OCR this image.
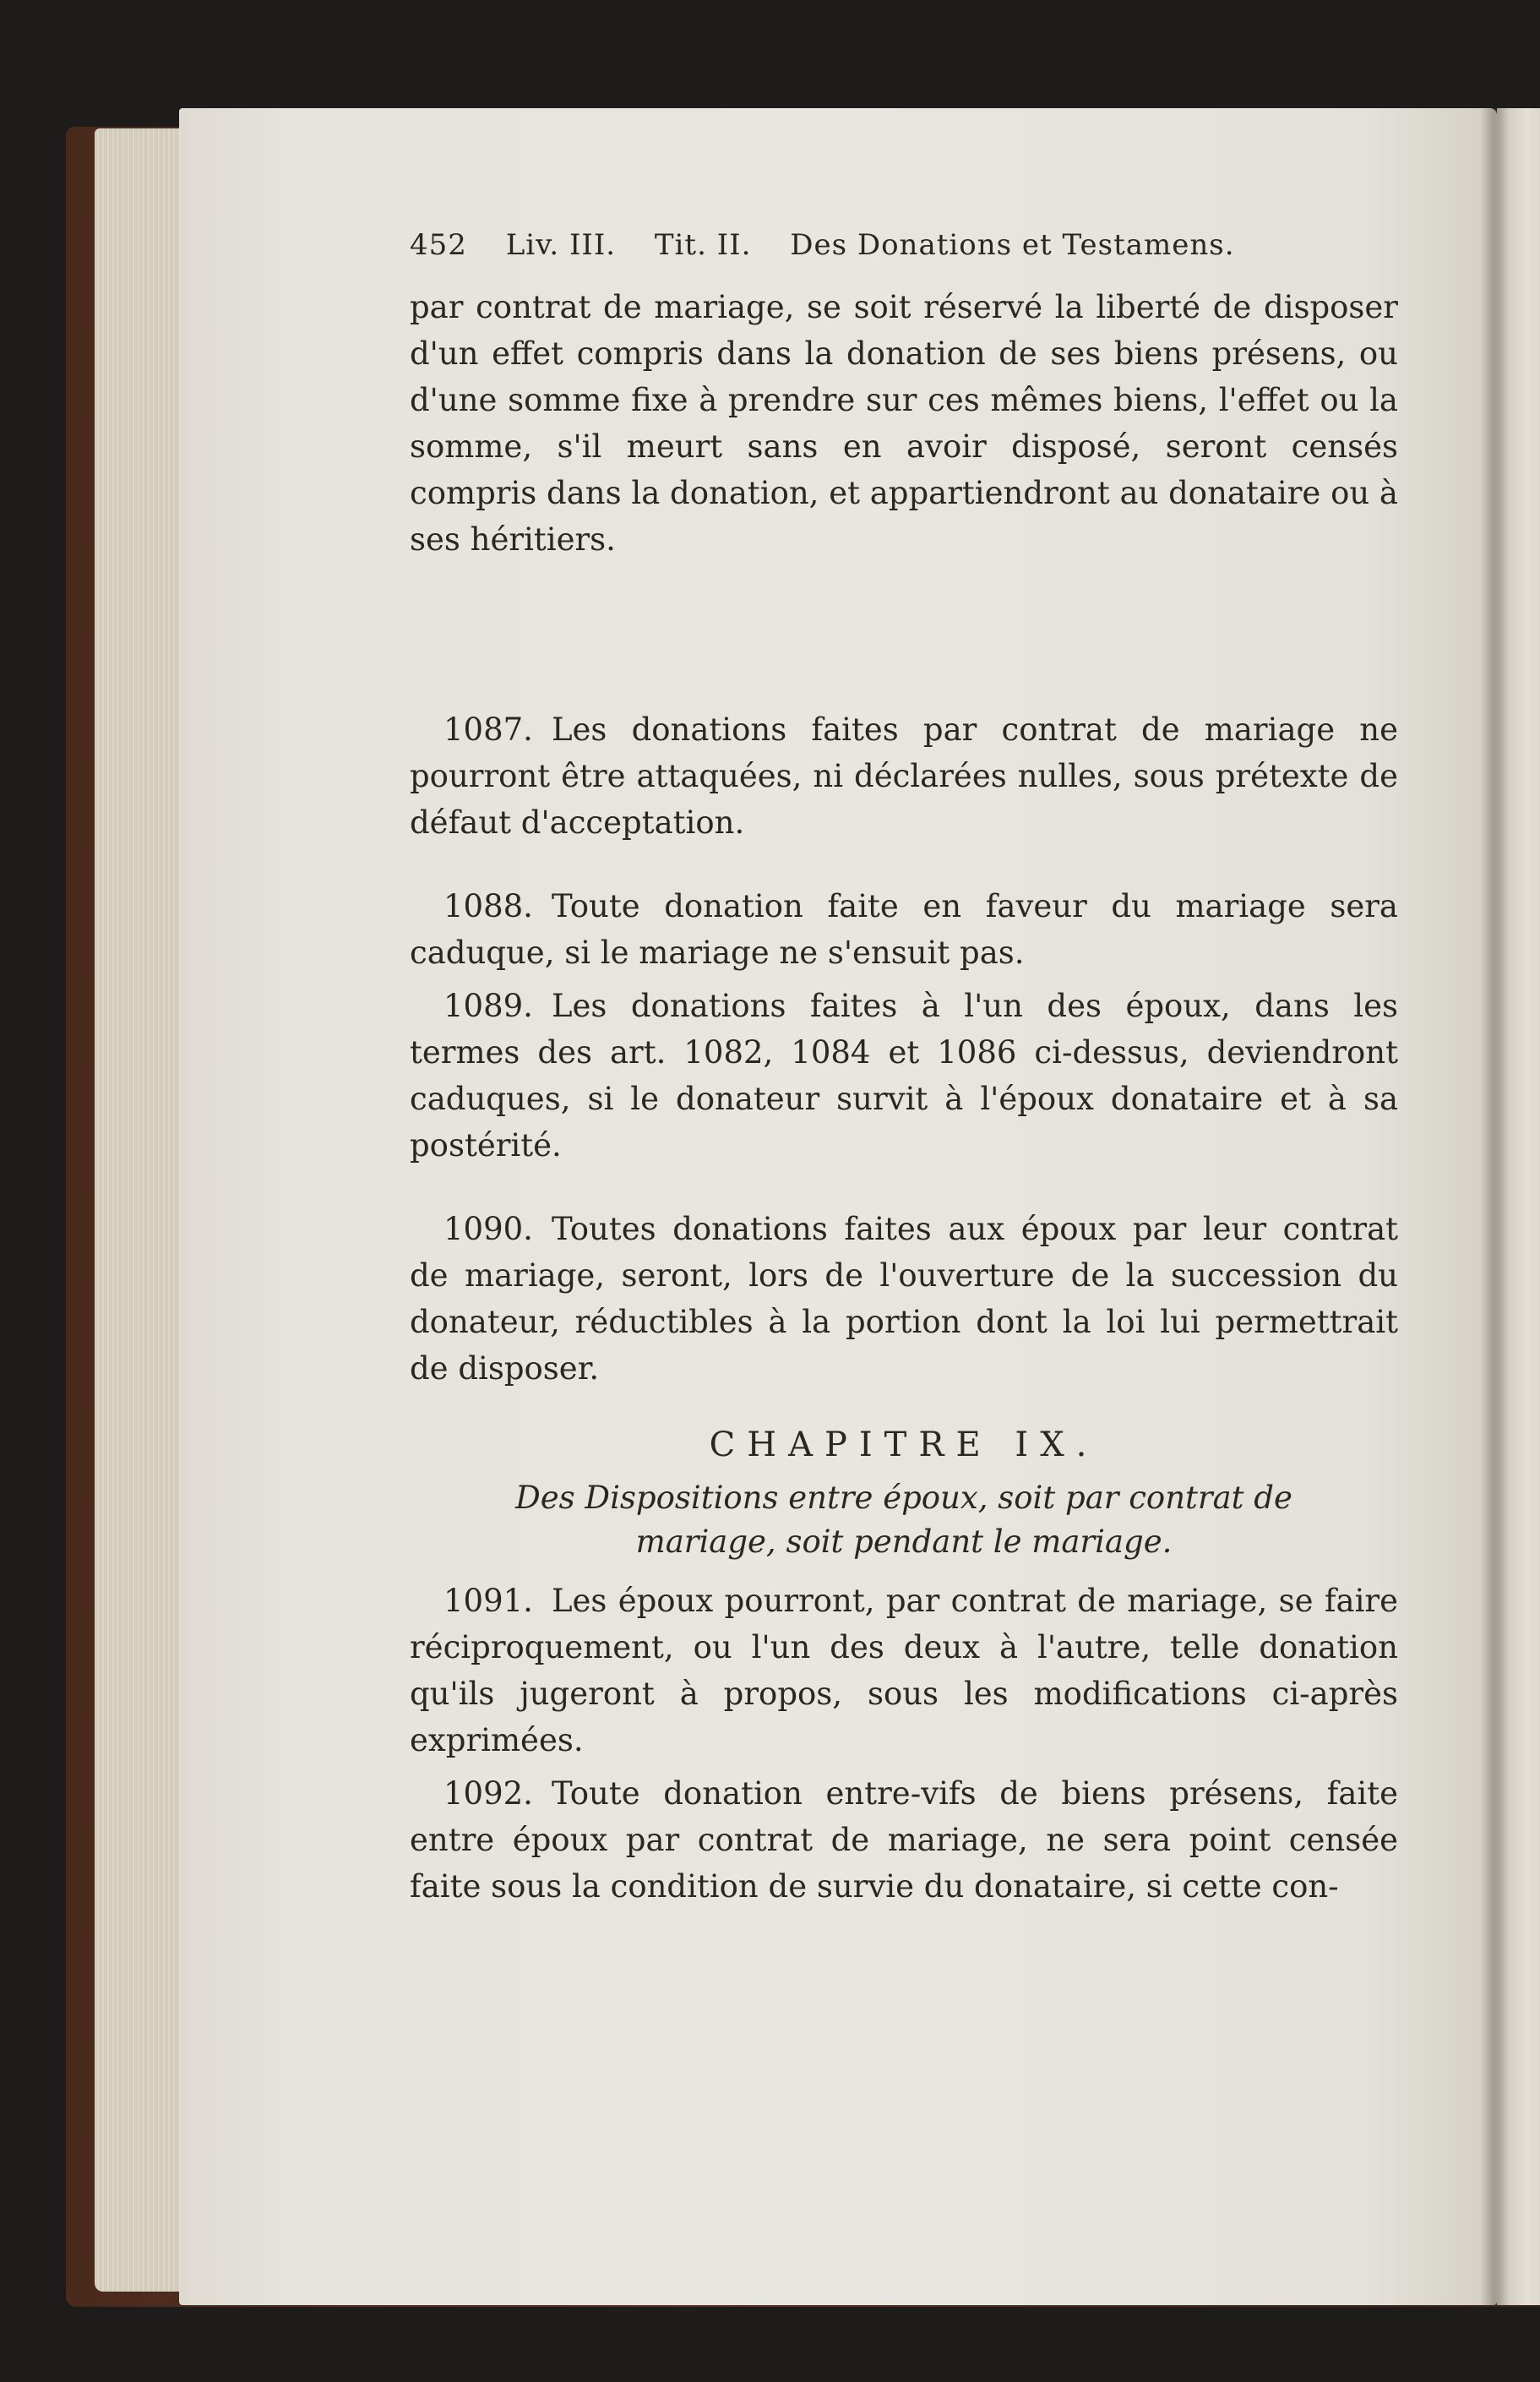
452 Liv. III. Tit. II. Des Donations et Testamens.

par contrat de mariage, se soit réservé la liberté de disposer d'un effet compris dans la donation de ses biens présens, ou d'une somme fixe à prendre sur ces mêmes biens, l'effet ou la somme, s'il meurt sans en avoir disposé, seront censés compris dans la donation, et appartiendront au donataire ou à ses héritiers.

1087. Les donations faites par contrat de mariage ne pourront être attaquées, ni déclarées nulles, sous prétexte de défaut d'acceptation.

1088. Toute donation faite en faveur du mariage sera caduque, si le mariage ne s'ensuit pas.

1089. Les donations faites à l'un des époux, dans les termes des art. 1082, 1084 et 1086 ci-dessus, deviendront caduques, si le donateur survit à l'époux donataire et à sa postérité.

1090. Toutes donations faites aux époux par leur contrat de mariage, seront, lors de l'ouverture de la succession du donateur, réductibles à la portion dont la loi lui permettrait de disposer.

CHAPITRE IX.
Des Dispositions entre époux, soit par contrat de mariage, soit pendant le mariage.

1091. Les époux pourront, par contrat de mariage, se faire réciproquement, ou l'un des deux à l'autre, telle donation qu'ils jugeront à propos, sous les modifications ci-après exprimées.

1092. Toute donation entre-vifs de biens présens, faite entre époux par contrat de mariage, ne sera point censée faite sous la condition de survie du donataire, si cette con-
